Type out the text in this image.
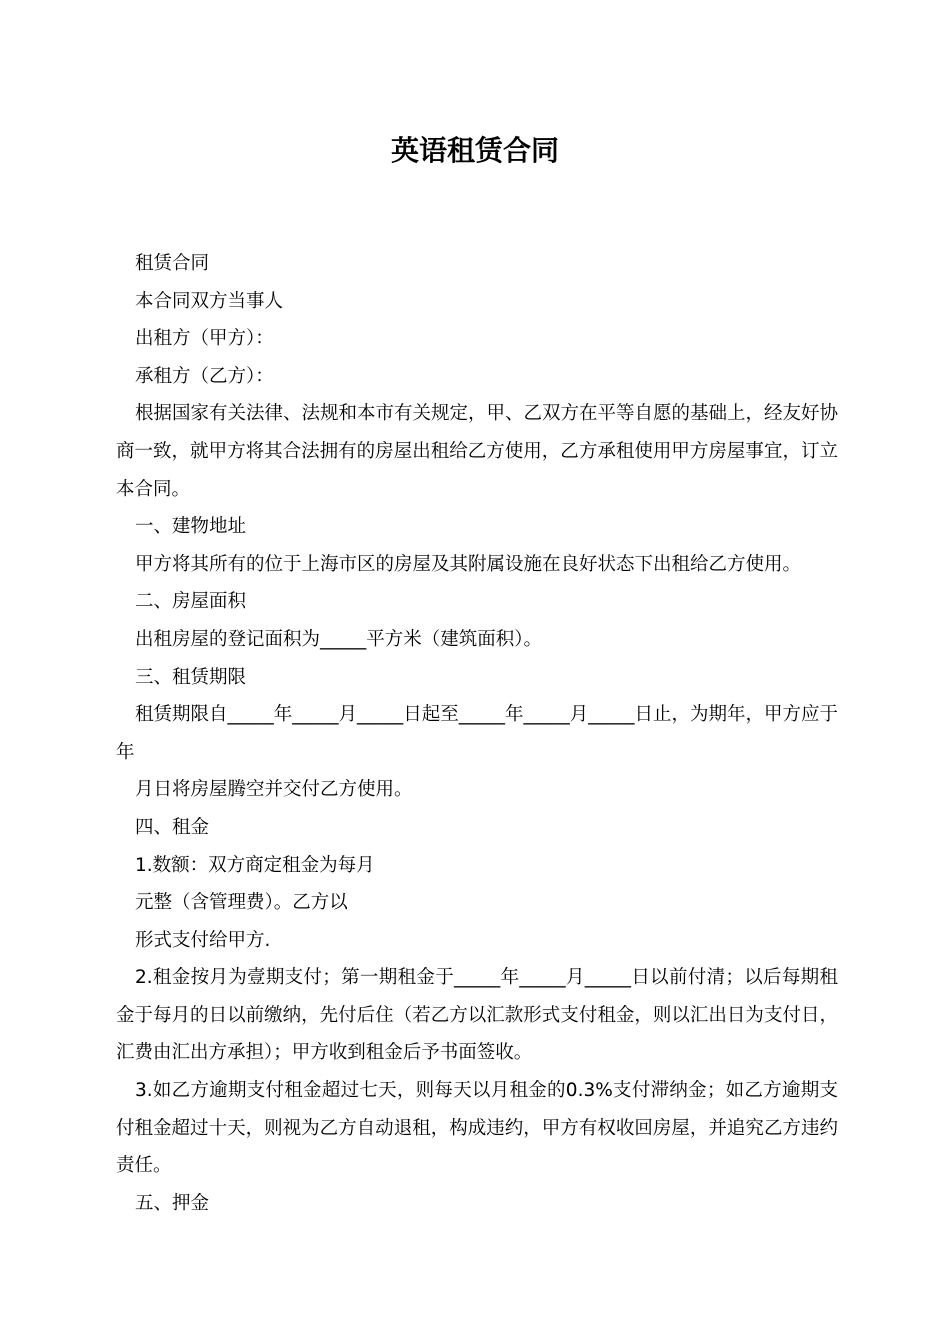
英语租赁合同

租赁合同

本合同双方当事人

出租方（甲方）：

承租方（乙方）：

根据国家有关法律、法规和本市有关规定，甲、乙双方在平等自愿的基础上，经友好协商一致，就甲方将其合法拥有的房屋出租给乙方使用，乙方承租使用甲方房屋事宜，订立本合同。

一、建物地址

甲方将其所有的位于上海市区的房屋及其附属设施在良好状态下出租给乙方使用。

二、房屋面积

出租房屋的登记面积为_____平方米（建筑面积）。

三、租赁期限

租赁期限自_____年_____月_____日起至_____年_____月_____日止，为期年，甲方应于年

月日将房屋腾空并交付乙方使用。

四、租金

1.数额：双方商定租金为每月

元整（含管理费）。乙方以

形式支付给甲方.

2.租金按月为壹期支付；第一期租金于_____年_____月_____日以前付清；以后每期租金于每月的日以前缴纳，先付后住（若乙方以汇款形式支付租金，则以汇出日为支付日，汇费由汇出方承担）；甲方收到租金后予书面签收。

3.如乙方逾期支付租金超过七天，则每天以月租金的0.3%支付滞纳金；如乙方逾期支付租金超过十天，则视为乙方自动退租，构成违约，甲方有权收回房屋，并追究乙方违约责任。

五、押金
